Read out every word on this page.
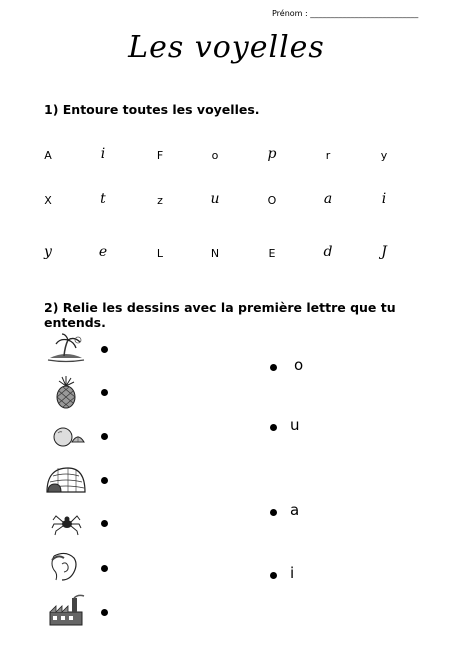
Prénom : ___________________________
Les voyelles
1) Entoure toutes les voyelles.
A	i	F	o	p	r	y
X	t	z	u	O	a	i
y	e	L	N	E	d	J
2) Relie les dessins avec la première lettre que tu entends.
o
u
a
i
